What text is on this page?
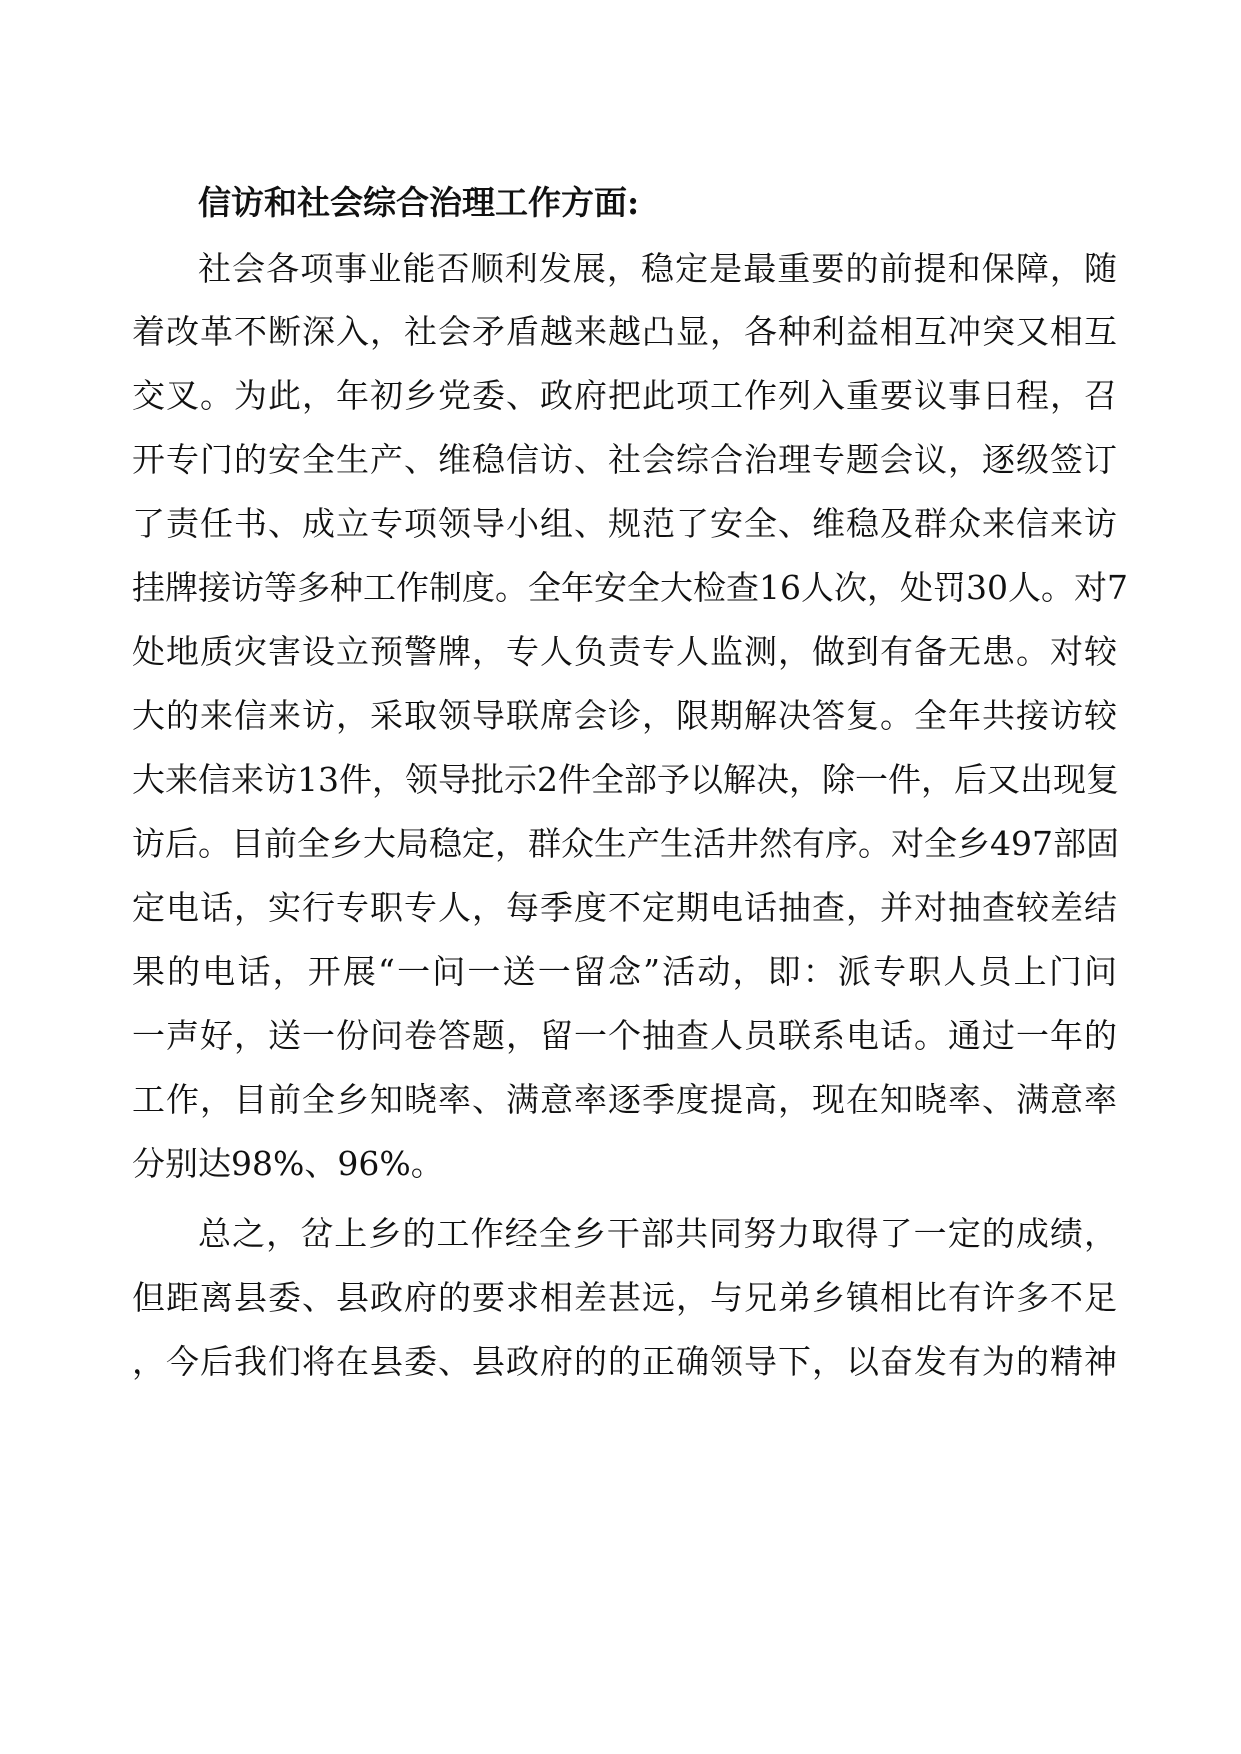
信访和社会综合治理工作方面:
社会各项事业能否顺利发展，稳定是最重要的前提和保障，随
着改革不断深入，社会矛盾越来越凸显，各种利益相互冲突又相互
交叉。为此，年初乡党委、政府把此项工作列入重要议事日程，召
开专门的安全生产、维稳信访、社会综合治理专题会议，逐级签订
了责任书、成立专项领导小组、规范了安全、维稳及群众来信来访
挂牌接访等多种工作制度。全年安全大检查16人次，处罚30人。对7
处地质灾害设立预警牌，专人负责专人监测，做到有备无患。对较
大的来信来访，采取领导联席会诊，限期解决答复。全年共接访较
大来信来访13件，领导批示2件全部予以解决，除一件，后又出现复
访后。目前全乡大局稳定，群众生产生活井然有序。对全乡497部固
定电话，实行专职专人，每季度不定期电话抽查，并对抽查较差结
果的电话，开展“一问一送一留念”活动，即：派专职人员上门问
一声好，送一份问卷答题，留一个抽查人员联系电话。通过一年的
工作，目前全乡知晓率、满意率逐季度提高，现在知晓率、满意率
分别达98%、96%。
总之，岔上乡的工作经全乡干部共同努力取得了一定的成绩，
但距离县委、县政府的要求相差甚远，与兄弟乡镇相比有许多不足
，今后我们将在县委、县政府的的正确领导下，以奋发有为的精神
